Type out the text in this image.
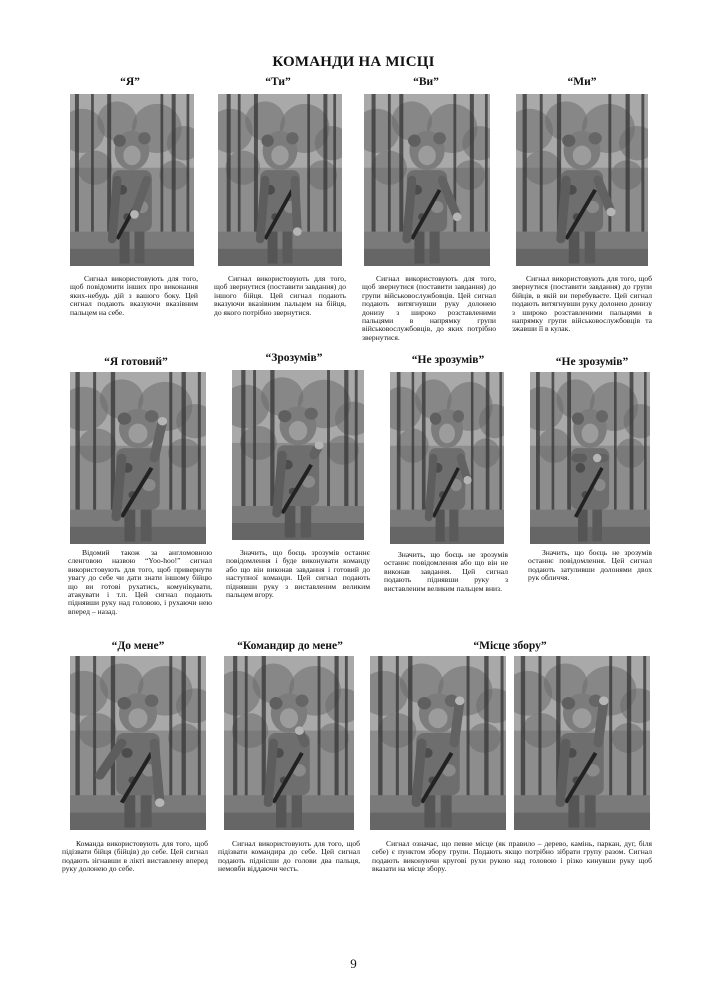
КОМАНДИ НА МІСЦІ
“Я”	“Ти”	“Ви”	“Ми”
Сигнал використовують для того, щоб повідомити інших про виконання яких-небудь дій з вашого боку. Цей сигнал подають вказуючи вказівним пальцем на себе.
Сигнал використовують для того, щоб звернутися (поставити завдання) до іншого бійця. Цей сигнал подають вказуючи вказівним пальцем на бійця, до якого потрібно звернутися.
Сигнал використовують для того, щоб звернутися (поставити завдання) до групи військовослужбовців. Цей сигнал подають витягнувши руку долонею донизу з широко розставленими пальцями в напрямку групи військовослужбовців, до яких потрібно звернутися.
Сигнал використовують для того, щоб звернутися (поставити завдання) до групи бійців, в якій ви перебуваєте. Цей сигнал подають витягнувши руку долонею донизу з широко розставленими пальцями в напрямку групи військовослужбовців та зжавши її в кулак.
“Я готовий”	“Зрозумів”	“Не зрозумів”	“Не зрозумів”
Відомий також за англомовною сленговою назвою “Yoo-hoo!” сигнал використовують для того, щоб привернути увагу до себе чи дати знати іншому бійцю що ви готові рухатись, комунікувати, атакувати і т.п. Цей сигнал подають піднявши руку над головою, і рухаючи нею вперед – назад.
Значить, що боєць зрозумів останнє повідомлення і буде виконувати команду або що він виконав завдання і готовий до наступної команди. Цей сигнал подають піднявши руку з виставленим великим пальцем вгору.
Значить, що боєць не зрозумів останнє повідомлення або що він не виконав завдання. Цей сигнал подають піднявши руку з виставленим великим пальцем вниз.
Значить, що боєць не зрозумів останнє повідомлення. Цей сигнал подають затуливши долонями двох рук обличчя.
“До мене”	“Командир до мене”	“Місце збору”
Команда використовують для того, щоб підізвати бійця (бійців) до себе. Цей сигнал подають зігнавши в лікті виставлену вперед руку долонею до себе.
Сигнал використовують для того, щоб підізвати командира до себе. Цей сигнал подають піднісши до голови два пальця, немовби віддаючи честь.
Сигнал означає, що певне місце (як правило – дерево, камінь, паркан, дуг, біля себе) є пунктом збору групи. Подають якщо потрібно зібрати групу разом. Сигнал подають виконуючи кругові рухи рукою над головою і різко кинувши руку щоб вказати на місце збору.
9
